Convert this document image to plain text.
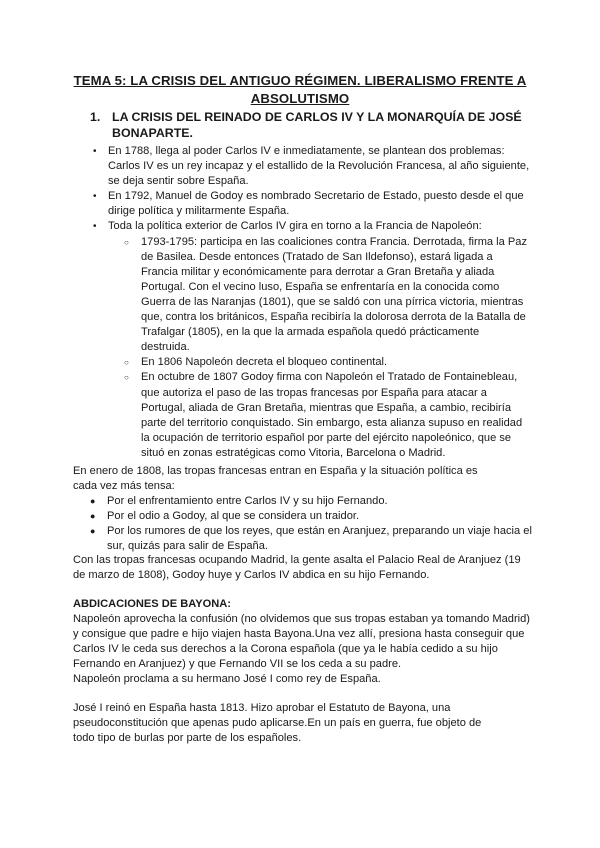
TEMA 5: LA CRISIS DEL ANTIGUO RÉGIMEN. LIBERALISMO FRENTE A ABSOLUTISMO
1. LA CRISIS DEL REINADO DE CARLOS IV Y LA MONARQUÍA DE JOSÉ BONAPARTE.
• En 1788, llega al poder Carlos IV e inmediatamente, se plantean dos problemas: Carlos IV es un rey incapaz y el estallido de la Revolución Francesa, al año siguiente, se deja sentir sobre España.
• En 1792, Manuel de Godoy es nombrado Secretario de Estado, puesto desde el que dirige política y militarmente España.
• Toda la política exterior de Carlos IV gira en torno a la Francia de Napoleón:
○ 1793-1795: participa en las coaliciones contra Francia. Derrotada, firma la Paz de Basilea. Desde entonces (Tratado de San Ildefonso), estará ligada a Francia militar y económicamente para derrotar a Gran Bretaña y aliada Portugal. Con el vecino luso, España se enfrentaría en la conocida como Guerra de las Naranjas (1801), que se saldó con una pírrica victoria, mientras que, contra los británicos, España recibiría la dolorosa derrota de la Batalla de Trafalgar (1805), en la que la armada española quedó prácticamente destruida.
○ En 1806 Napoleón decreta el bloqueo continental.
○ En octubre de 1807 Godoy firma con Napoleón el Tratado de Fontainebleau, que autoriza el paso de las tropas francesas por España para atacar a Portugal, aliada de Gran Bretaña, mientras que España, a cambio, recibiría parte del territorio conquistado. Sin embargo, esta alianza supuso en realidad la ocupación de territorio español por parte del ejército napoleónico, que se situó en zonas estratégicas como Vitoria, Barcelona o Madrid.

En enero de 1808, las tropas francesas entran en España y la situación política es
cada vez más tensa:

● Por el enfrentamiento entre Carlos IV y su hijo Fernando.
● Por el odio a Godoy, al que se considera un traidor.
● Por los rumores de que los reyes, que están en Aranjuez, preparando un viaje hacia el sur, quizás para salir de España.

Con las tropas francesas ocupando Madrid, la gente asalta el Palacio Real de Aranjuez (19 de marzo de 1808), Godoy huye y Carlos IV abdica en su hijo Fernando.

ABDICACIONES DE BAYONA:

Napoleón aprovecha la confusión (no olvidemos que sus tropas estaban ya tomando Madrid) y consigue que padre e hijo viajen hasta Bayona.Una vez allí, presiona hasta conseguir que Carlos IV le ceda sus derechos a la Corona española (que ya le había cedido a su hijo Fernando en Aranjuez) y que Fernando VII se los ceda a su padre.

Napoleón proclama a su hermano José I como rey de España.

José I reinó en España hasta 1813. Hizo aprobar el Estatuto de Bayona, una
pseudoconstitución que apenas pudo aplicarse.En un país en guerra, fue objeto de
todo tipo de burlas por parte de los españoles.
